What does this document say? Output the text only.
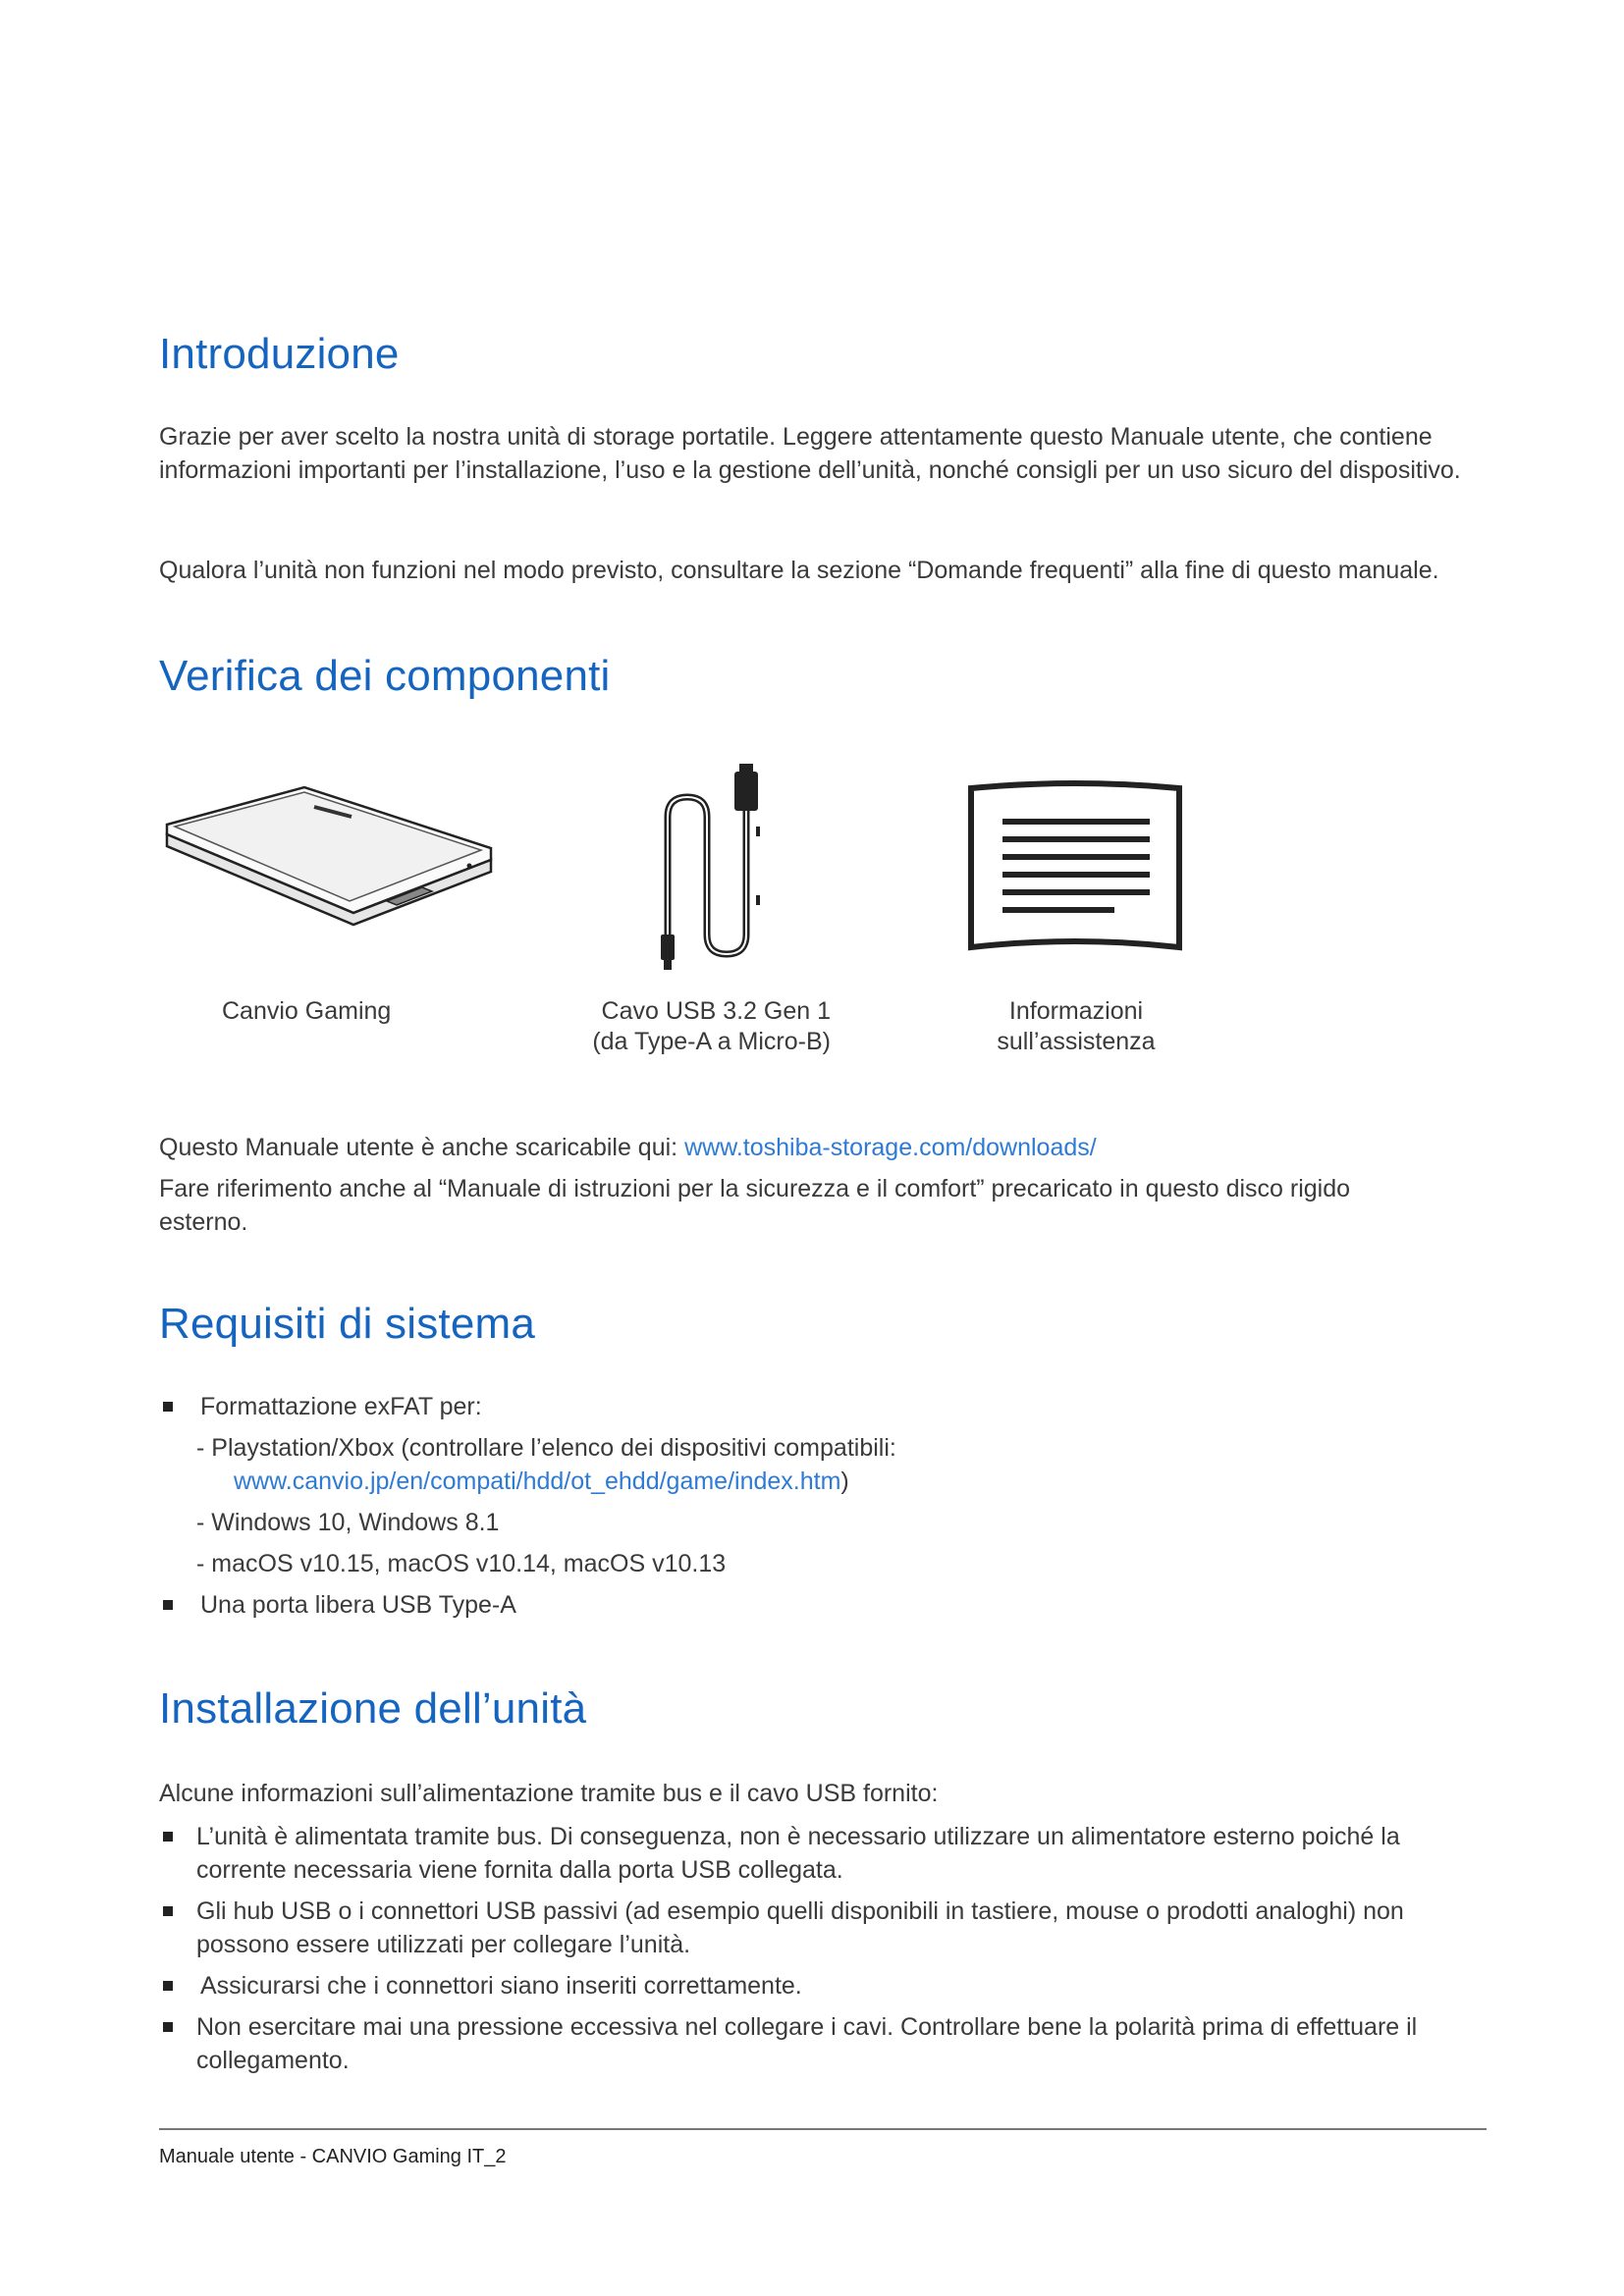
Introduzione

Grazie per aver scelto la nostra unità di storage portatile. Leggere attentamente questo Manuale utente, che contiene informazioni importanti per l’installazione, l’uso e la gestione dell’unità, nonché consigli per un uso sicuro del dispositivo.

Qualora l’unità non funzioni nel modo previsto, consultare la sezione “Domande frequenti” alla fine di questo manuale.

Verifica dei componenti
Canvio Gaming	Cavo USB 3.2 Gen 1
(da Type-A a Micro-B)
Informazioni
sull’assistenza

Questo Manuale utente è anche scaricabile qui: www.toshiba-storage.com/downloads/

Fare riferimento anche al “Manuale di istruzioni per la sicurezza e il comfort” precaricato in questo disco rigido esterno.

Requisiti di sistema
Formattazione exFAT per:
- Playstation/Xbox (controllare l’elenco dei dispositivi compatibili:
www.canvio.jp/en/compati/hdd/ot_ehdd/game/index.htm)
- Windows 10, Windows 8.1
- macOS v10.15, macOS v10.14, macOS v10.13
Una porta libera USB Type-A
Installazione dell’unità

Alcune informazioni sull’alimentazione tramite bus e il cavo USB fornito:

L’unità è alimentata tramite bus. Di conseguenza, non è necessario utilizzare un alimentatore esterno poiché la corrente necessaria viene fornita dalla porta USB collegata.
Gli hub USB o i connettori USB passivi (ad esempio quelli disponibili in tastiere, mouse o prodotti analoghi) non possono essere utilizzati per collegare l’unità.
Assicurarsi che i connettori siano inseriti correttamente.
Non esercitare mai una pressione eccessiva nel collegare i cavi. Controllare bene la polarità prima di effettuare il collegamento.
Manuale utente - CANVIO Gaming IT_2
